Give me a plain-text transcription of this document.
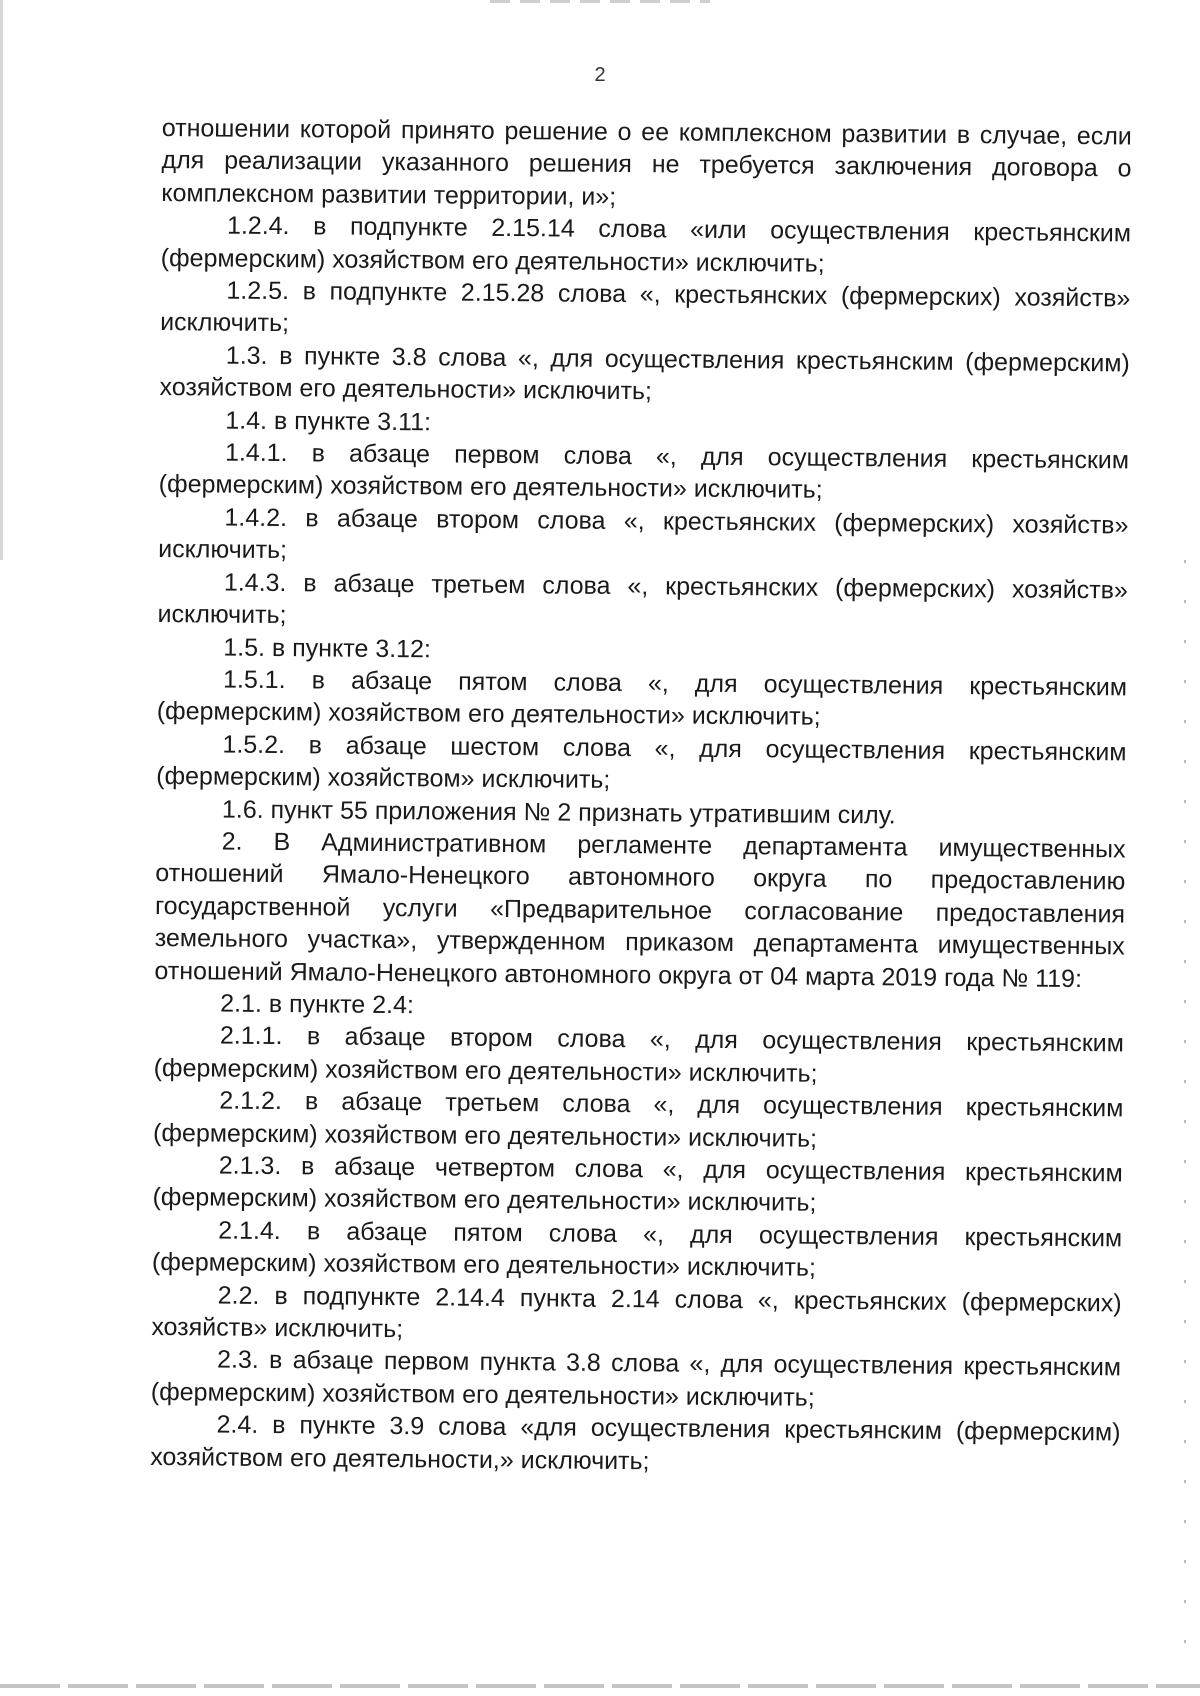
2

отношении которой принято решение о ее комплексном развитии в случае, если для реализации указанного решения не требуется заключения договора о комплексном развитии территории, и»;

1.2.4. в подпункте 2.15.14 слова «или осуществления крестьянским (фермерским) хозяйством его деятельности» исключить;

1.2.5. в подпункте 2.15.28 слова «, крестьянских (фермерских) хозяйств» исключить;

1.3. в пункте 3.8 слова «, для осуществления крестьянским (фермерским) хозяйством его деятельности» исключить;

1.4. в пункте 3.11:

1.4.1. в абзаце первом слова «, для осуществления крестьянским (фермерским) хозяйством его деятельности» исключить;

1.4.2. в абзаце втором слова «, крестьянских (фермерских) хозяйств» исключить;

1.4.3. в абзаце третьем слова «, крестьянских (фермерских) хозяйств» исключить;

1.5. в пункте 3.12:

1.5.1. в абзаце пятом слова «, для осуществления крестьянским (фермерским) хозяйством его деятельности» исключить;

1.5.2. в абзаце шестом слова «, для осуществления крестьянским (фермерским) хозяйством» исключить;

1.6. пункт 55 приложения № 2 признать утратившим силу.

2. В Административном регламенте департамента имущественных отношений Ямало-Ненецкого автономного округа по предоставлению государственной услуги «Предварительное согласование предоставления земельного участка», утвержденном приказом департамента имущественных отношений Ямало-Ненецкого автономного округа от 04 марта 2019 года № 119:

2.1. в пункте 2.4:

2.1.1. в абзаце втором слова «, для осуществления крестьянским (фермерским) хозяйством его деятельности» исключить;

2.1.2. в абзаце третьем слова «, для осуществления крестьянским (фермерским) хозяйством его деятельности» исключить;

2.1.3. в абзаце четвертом слова «, для осуществления крестьянским (фермерским) хозяйством его деятельности» исключить;

2.1.4. в абзаце пятом слова «, для осуществления крестьянским (фермерским) хозяйством его деятельности» исключить;

2.2. в подпункте 2.14.4 пункта 2.14 слова «, крестьянских (фермерских) хозяйств» исключить;

2.3. в абзаце первом пункта 3.8 слова «, для осуществления крестьянским (фермерским) хозяйством его деятельности» исключить;

2.4. в пункте 3.9 слова «для осуществления крестьянским (фермерским) хозяйством его деятельности,» исключить;
